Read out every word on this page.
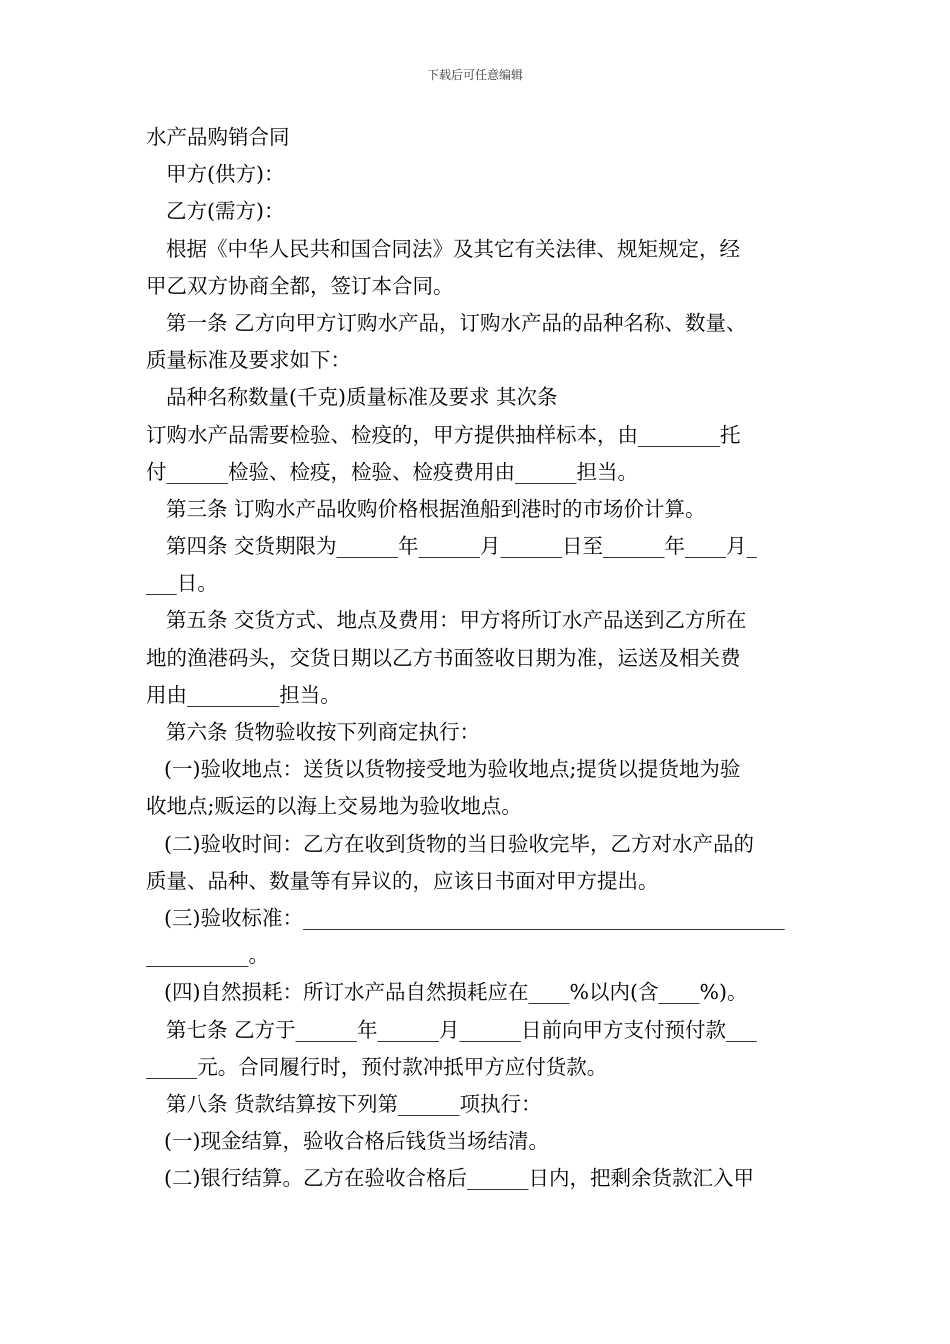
下载后可任意编辑
水产品购销合同
甲方(供方)：
乙方(需方)：
根据《中华人民共和国合同法》及其它有关法律、规矩规定，经
甲乙双方协商全都，签订本合同。
第一条 乙方向甲方订购水产品，订购水产品的品种名称、数量、
质量标准及要求如下：
品种名称数量(千克)质量标准及要求 其次条
订购水产品需要检验、检疫的，甲方提供抽样标本，由________托
付______检验、检疫，检验、检疫费用由______担当。
第三条 订购水产品收购价格根据渔船到港时的市场价计算。
第四条 交货期限为______年______月______日至______年____月_
___日。
第五条 交货方式、地点及费用：甲方将所订水产品送到乙方所在
地的渔港码头，交货日期以乙方书面签收日期为准，运送及相关费
用由_________担当。
第六条 货物验收按下列商定执行：
(一)验收地点：送货以货物接受地为验收地点;提货以提货地为验
收地点;贩运的以海上交易地为验收地点。
(二)验收时间：乙方在收到货物的当日验收完毕，乙方对水产品的
质量、品种、数量等有异议的，应该日书面对甲方提出。
(三)验收标准：_______________________________________________
__________。
(四)自然损耗：所订水产品自然损耗应在____%以内(含____%)。
第七条 乙方于______年______月______日前向甲方支付预付款___
_____元。合同履行时，预付款冲抵甲方应付货款。
第八条 货款结算按下列第______项执行：
(一)现金结算，验收合格后钱货当场结清。
(二)银行结算。乙方在验收合格后______日内，把剩余货款汇入甲
